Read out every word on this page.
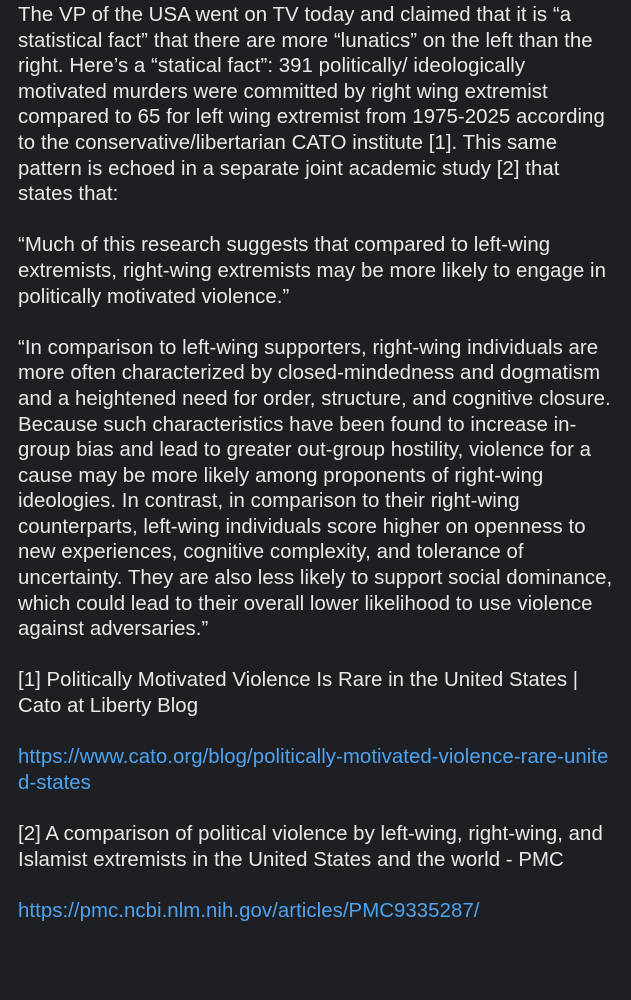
The VP of the USA went on TV today and claimed that it is “a statistical fact” that there are more “lunatics” on the left than the right. Here’s a “statical fact”: 391 politically/ ideologically motivated murders were committed by right wing extremist compared to 65 for left wing extremist from 1975-2025 according to the conservative/libertarian CATO institute [1]. This same pattern is echoed in a separate joint academic study [2] that states that:

“Much of this research suggests that compared to left-wing extremists, right-wing extremists may be more likely to engage in politically motivated violence.”

“In comparison to left-wing supporters, right-wing individuals are more often characterized by closed-mindedness and dogmatism and a heightened need for order, structure, and cognitive closure. Because such characteristics have been found to increase in-group bias and lead to greater out-group hostility, violence for a cause may be more likely among proponents of right-wing ideologies. In contrast, in comparison to their right-wing counterparts, left-wing individuals score higher on openness to new experiences, cognitive complexity, and tolerance of uncertainty. They are also less likely to support social dominance, which could lead to their overall lower likelihood to use violence against adversaries.”

[1] Politically Motivated Violence Is Rare in the United States | Cato at Liberty Blog

https://www.cato.org/blog/politically-motivated-violence-rare-united-states

[2] A comparison of political violence by left-wing, right-wing, and Islamist extremists in the United States and the world - PMC

https://pmc.ncbi.nlm.nih.gov/articles/PMC9335287/
